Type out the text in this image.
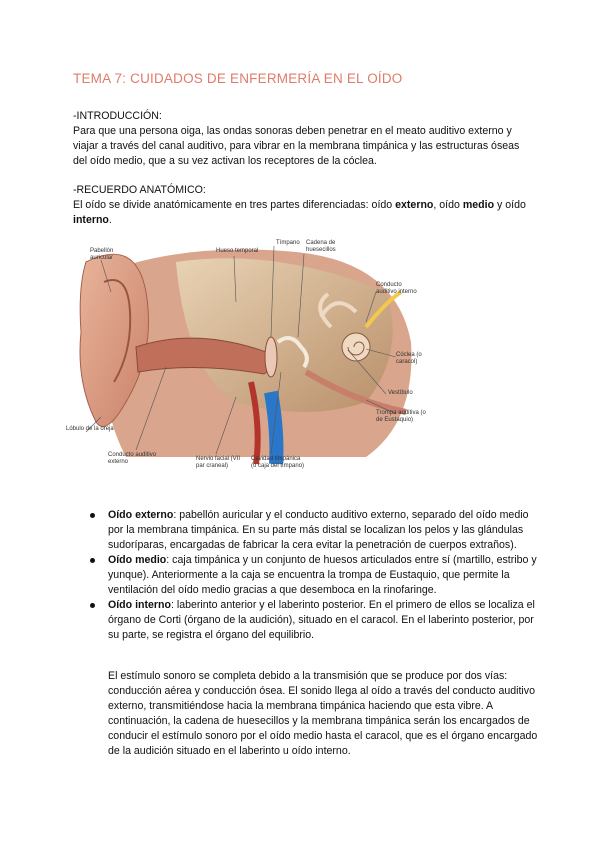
TEMA 7: CUIDADOS DE ENFERMERÍA EN EL OÍDO
-INTRODUCCIÓN:
Para que una persona oiga, las ondas sonoras deben penetrar en el meato auditivo externo y viajar a través del canal auditivo, para vibrar en la membrana timpánica y las estructuras óseas del oído medio, que a su vez activan los receptores de la cóclea.
-RECUERDO ANATÓMICO:
El oído se divide anatómicamente en tres partes diferenciadas: oído externo, oído medio y oído interno.
Pabellón auricular
Hueso temporal
Tímpano	Cadena de huesecillos
Conducto auditivo interno
Cóclea (o caracol)
Vestíbulo
Trompa auditiva (o de Eustaquio)
Lóbulo de la oreja
Conducto auditivo externo	Nervio facial (VII par craneal)
Cavidad timpánica (o caja del tímpano)
Oído externo: pabellón auricular y el conducto auditivo externo, separado del oído medio por la membrana timpánica. En su parte más distal se localizan los pelos y las glándulas sudoríparas, encargadas de fabricar la cera evitar la penetración de cuerpos extraños).
Oído medio: caja timpánica y un conjunto de huesos articulados entre sí (martillo, estribo y yunque). Anteriormente a la caja se encuentra la trompa de Eustaquio, que permite la ventilación del oído medio gracias a que desemboca en la rinofaringe.
Oído interno: laberinto anterior y el laberinto posterior. En el primero de ellos se localiza el órgano de Corti (órgano de la audición), situado en el caracol. En el laberinto posterior, por su parte, se registra el órgano del equilibrio.
El estímulo sonoro se completa debido a la transmisión que se produce por dos vías: conducción aérea y conducción ósea. El sonido llega al oído a través del conducto auditivo externo, transmitiéndose hacia la membrana timpánica haciendo que esta vibre. A continuación, la cadena de huesecillos y la membrana timpánica serán los encargados de conducir el estímulo sonoro por el oído medio hasta el caracol, que es el órgano encargado de la audición situado en el laberinto u oído interno.
